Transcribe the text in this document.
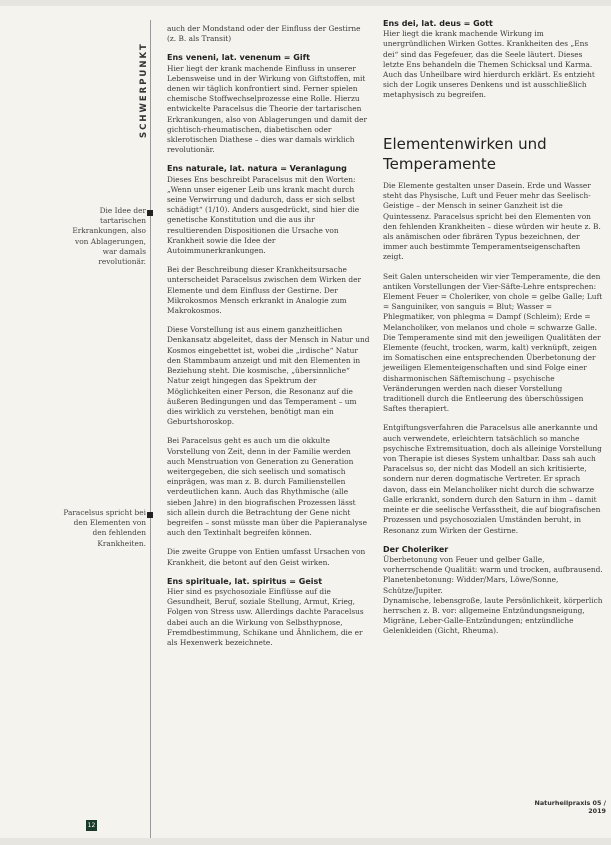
SCHWERPUNKT
Die Idee der tartarischen Erkrankungen, also von Ablagerungen, war damals revolutionär.
Paracelsus spricht bei den Elementen von den fehlenden Krankheiten.

auch der Mondstand oder der Einfluss der Gestirne (z. B. als Transit)

Ens veneni, lat. venenum = Gift

Hier liegt der krank machende Einfluss in unserer Lebensweise und in der Wirkung von Giftstoffen, mit denen wir täglich konfrontiert sind. Ferner spielen chemische Stoffwechselprozesse eine Rolle. Hierzu entwickelte Paracelsus die Theorie der tartarischen Erkrankungen, also von Ablagerungen und damit der gichtisch-rheumatischen, diabetischen oder sklerotischen Diathese – dies war damals wirklich revolutionär.

Ens naturale, lat. natura = Veranlagung

Dieses Ens beschreibt Paracelsus mit den Worten: „Wenn unser eigener Leib uns krank macht durch seine Verwirrung und dadurch, dass er sich selbst schädigt“ (1/10). Anders ausgedrückt, sind hier die genetische Konstitution und die aus ihr resultierenden Dispositionen die Ursache von Krankheit sowie die Idee der Autoimmunerkrankungen.

Bei der Beschreibung dieser Krankheitsursache unterscheidet Paracelsus zwischen dem Wirken der Elemente und dem Einfluss der Gestirne. Der Mikrokosmos Mensch erkrankt in Analogie zum Makrokosmos.

Diese Vorstellung ist aus einem ganzheitlichen Denkansatz abgeleitet, dass der Mensch in Natur und Kosmos eingebettet ist, wobei die „irdische“ Natur den Stammbaum anzeigt und mit den Elementen in Beziehung steht. Die kosmische, „übersinnliche“ Natur zeigt hingegen das Spektrum der Möglichkeiten einer Person, die Resonanz auf die äußeren Bedingungen und das Temperament – um dies wirklich zu verstehen, benötigt man ein Geburtshoroskop.

Bei Paracelsus geht es auch um die okkulte Vorstellung von Zeit, denn in der Familie werden auch Menstruation von Generation zu Generation weitergegeben, die sich seelisch und somatisch einprägen, was man z. B. durch Familienstellen verdeutlichen kann. Auch das Rhythmische (alle sieben Jahre) in den biografischen Prozessen lässt sich allein durch die Betrachtung der Gene nicht begreifen – sonst müsste man über die Papieranalyse auch den Textinhalt begreifen können.

Die zweite Gruppe von Entien umfasst Ursachen von Krankheit, die betont auf den Geist wirken.

Ens spirituale, lat. spiritus = Geist

Hier sind es psychosoziale Einflüsse auf die Gesundheit, Beruf, soziale Stellung, Armut, Krieg, Folgen von Stress usw. Allerdings dachte Paracelsus dabei auch an die Wirkung von Selbsthypnose, Fremdbestimmung, Schikane und Ähnlichem, die er als Hexenwerk bezeichnete.

Ens dei, lat. deus = Gott

Hier liegt die krank machende Wirkung im unergründlichen Wirken Gottes. Krankheiten des „Ens dei“ sind das Fegefeuer, das die Seele läutert. Dieses letzte Ens behandeln die Themen Schicksal und Karma. Auch das Unheilbare wird hierdurch erklärt. Es entzieht sich der Logik unseres Denkens und ist ausschließlich metaphysisch zu begreifen.

Elementenwirken und Temperamente

Die Elemente gestalten unser Dasein. Erde und Wasser steht das Physische, Luft und Feuer mehr das Seelisch-Geistige – der Mensch in seiner Ganzheit ist die Quintessenz. Paracelsus spricht bei den Elementen von den fehlenden Krankheiten – diese würden wir heute z. B. als anämischen oder fibrären Typus bezeichnen, der immer auch bestimmte Temperamentseigenschaften zeigt.

Seit Galen unterscheiden wir vier Temperamente, die den antiken Vorstellungen der Vier-Säfte-Lehre entsprechen: Element Feuer = Choleriker, von chole = gelbe Galle; Luft = Sanguiniker, von sanguis = Blut; Wasser = Phlegmatiker, von phlegma = Dampf (Schleim); Erde = Melancholiker, von melanos und chole = schwarze Galle. Die Temperamente sind mit den jeweiligen Qualitäten der Elemente (feucht, trocken, warm, kalt) verknüpft, zeigen im Somatischen eine entsprechenden Überbetonung der jeweiligen Elementeigenschaften und sind Folge einer disharmonischen Säftemischung – psychische Veränderungen werden nach dieser Vorstellung traditionell durch die Entleerung des überschüssigen Saftes therapiert.

Entgiftungsverfahren die Paracelsus alle anerkannte und auch verwendete, erleichtern tatsächlich so manche psychische Extremsituation, doch als alleinige Vorstellung von Therapie ist dieses System unhaltbar. Dass sah auch Paracelsus so, der nicht das Modell an sich kritisierte, sondern nur deren dogmatische Vertreter. Er sprach davon, dass ein Melancholiker nicht durch die schwarze Galle erkrankt, sondern durch den Saturn in ihm – damit meinte er die seelische Verfasstheit, die auf biografischen Prozessen und psychosozialen Umständen beruht, in Resonanz zum Wirken der Gestirne.

Der Choleriker

Überbetonung von Feuer und gelber Galle, vorherrschende Qualität: warm und trocken, aufbrausend. Planetenbetonung: Widder/Mars, Löwe/Sonne, Schütze/Jupiter.

Dynamische, lebensgroße, laute Persönlichkeit, körperlich herrschen z. B. vor: allgemeine Entzündungsneigung, Migräne, Leber-Galle-Entzündungen; entzündliche Gelenkleiden (Gicht, Rheuma).

12
Naturheilpraxis 05 / 2019
